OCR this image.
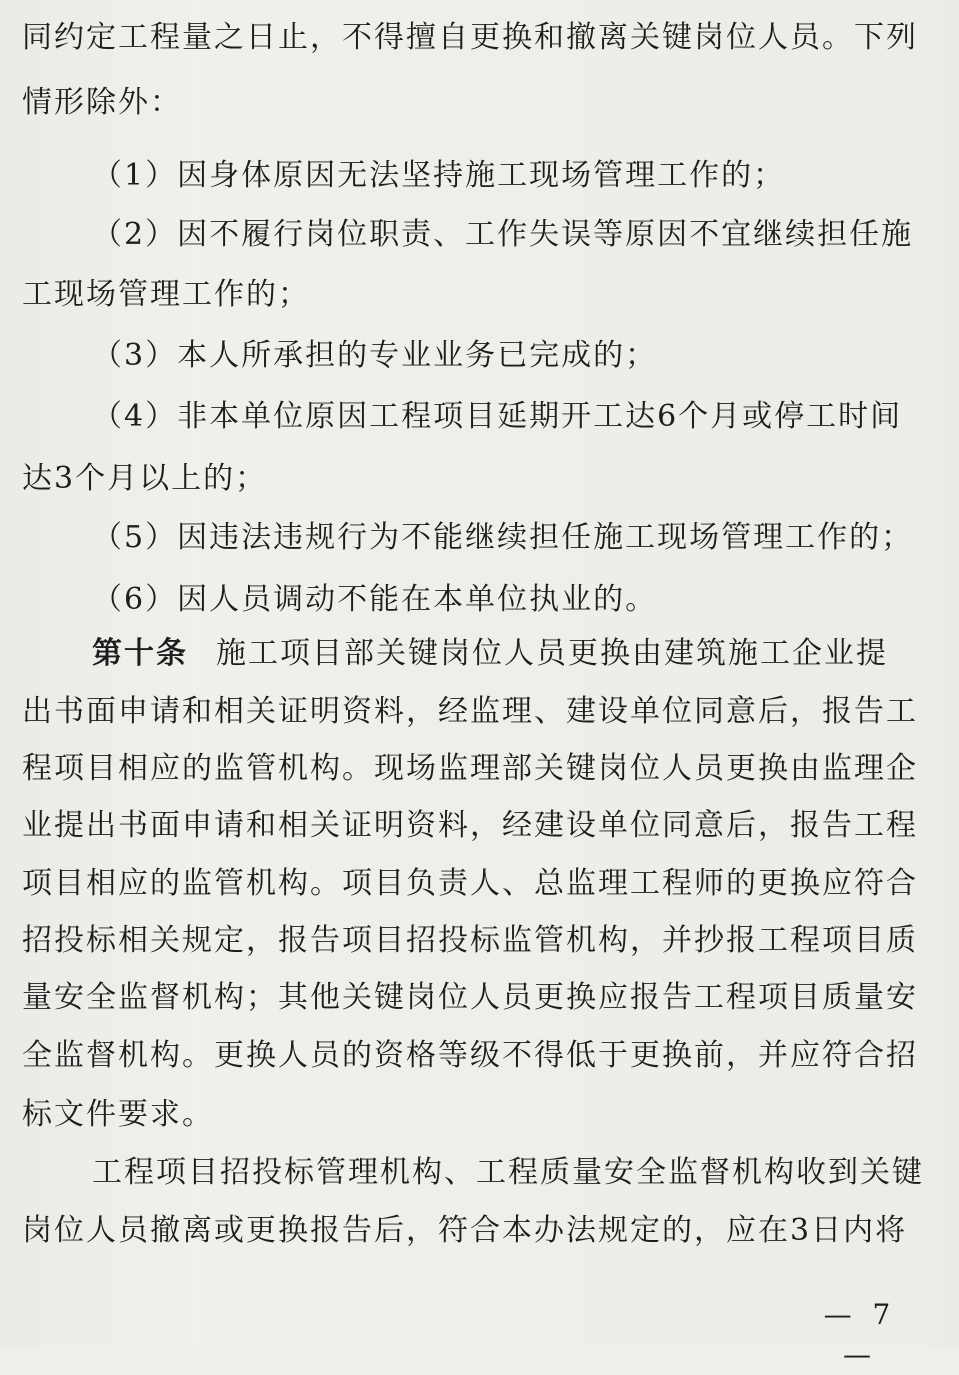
同约定工程量之日止，不得擅自更换和撤离关键岗位人员。下列
情形除外：
（1）因身体原因无法坚持施工现场管理工作的；
（2）因不履行岗位职责、工作失误等原因不宜继续担任施
工现场管理工作的；
（3）本人所承担的专业业务已完成的；
（4）非本单位原因工程项目延期开工达6个月或停工时间
达3个月以上的；
（5）因违法违规行为不能继续担任施工现场管理工作的；
（6）因人员调动不能在本单位执业的。
第十条 施工项目部关键岗位人员更换由建筑施工企业提
出书面申请和相关证明资料，经监理、建设单位同意后，报告工
程项目相应的监管机构。现场监理部关键岗位人员更换由监理企
业提出书面申请和相关证明资料，经建设单位同意后，报告工程
项目相应的监管机构。项目负责人、总监理工程师的更换应符合
招投标相关规定，报告项目招投标监管机构，并抄报工程项目质
量安全监督机构；其他关键岗位人员更换应报告工程项目质量安
全监督机构。更换人员的资格等级不得低于更换前，并应符合招
标文件要求。
工程项目招投标管理机构、工程质量安全监督机构收到关键
岗位人员撤离或更换报告后，符合本办法规定的，应在3日内将
— 7 —
